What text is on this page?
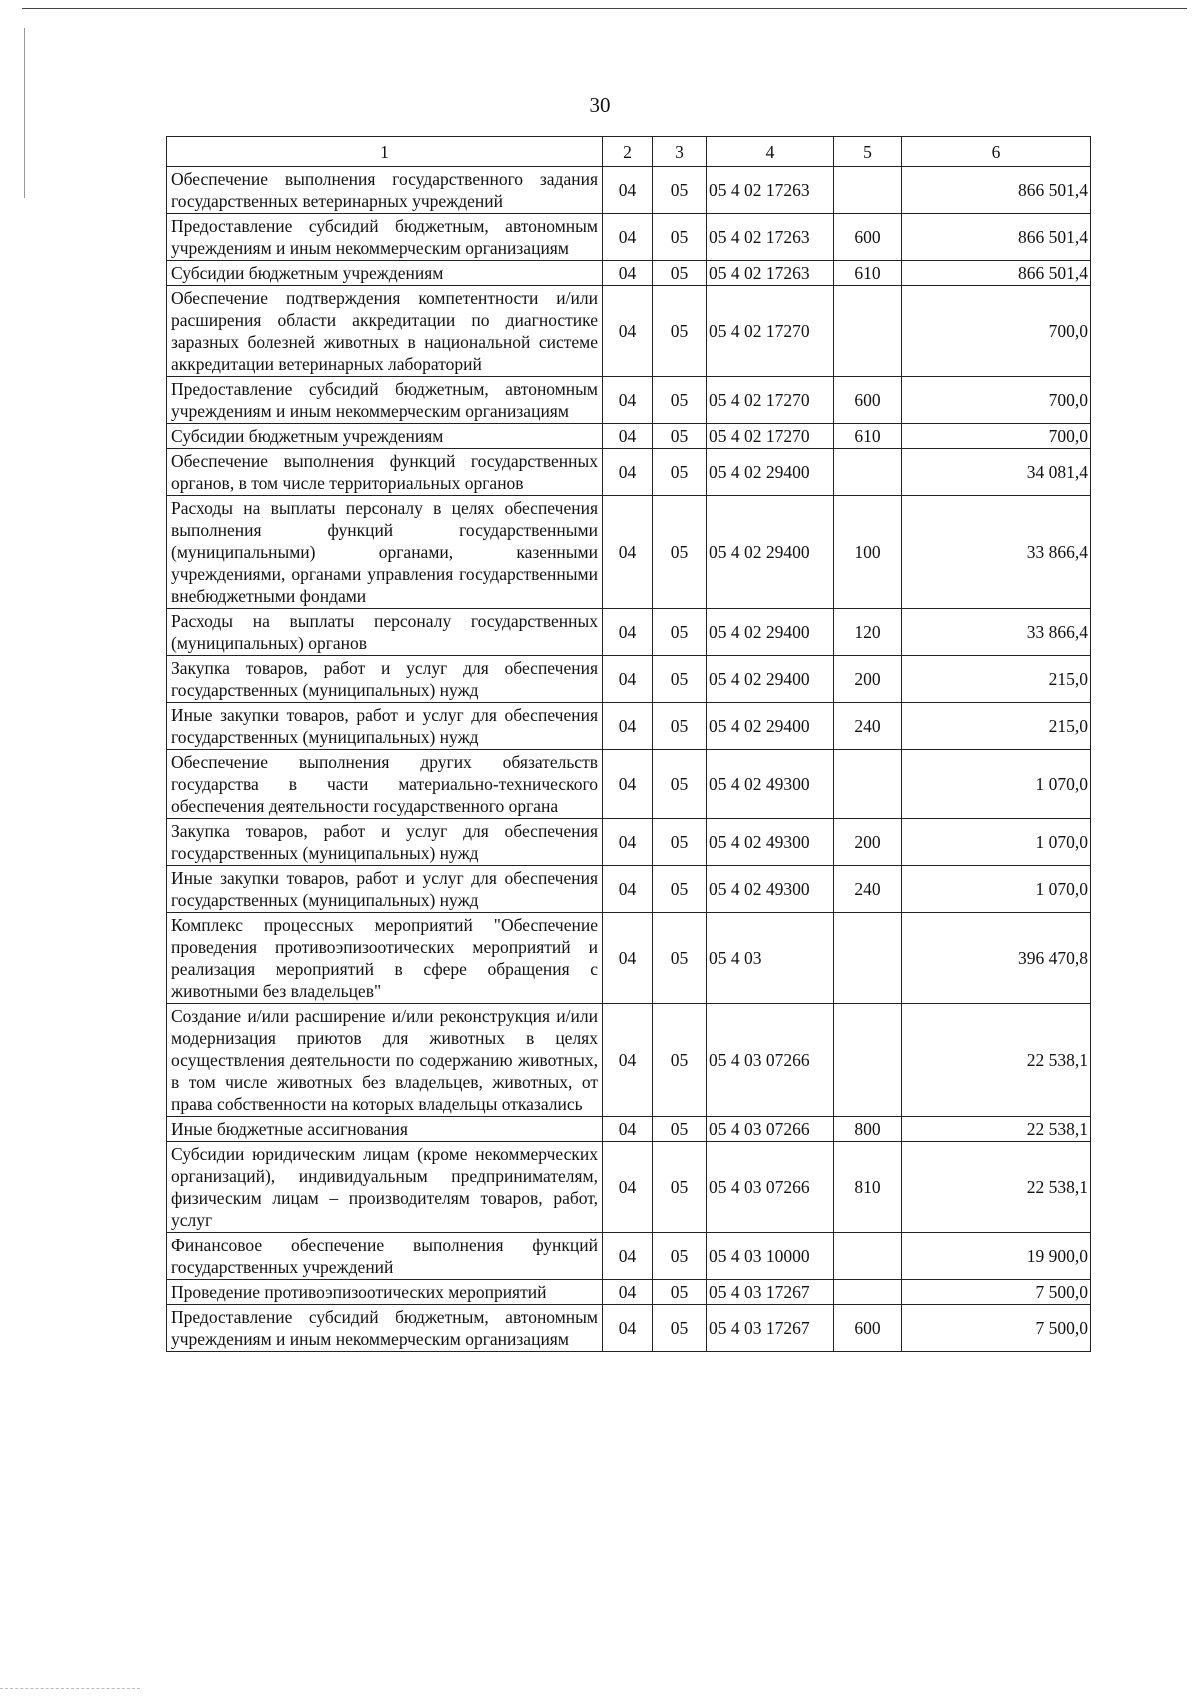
30
1	2	3	4	5	6
Обеспечение выполнения государственного задания государственных ветеринарных учреждений	04	05	05 4 02 17263		866 501,4
Предоставление субсидий бюджетным, автономным учреждениям и иным некоммерческим организациям	04	05	05 4 02 17263	600	866 501,4
Субсидии бюджетным учреждениям	04	05	05 4 02 17263	610	866 501,4
Обеспечение подтверждения компетентности и/или расширения области аккредитации по диагностике заразных болезней животных в национальной системе аккредитации ветеринарных лабораторий	04	05	05 4 02 17270		700,0
Предоставление субсидий бюджетным, автономным учреждениям и иным некоммерческим организациям	04	05	05 4 02 17270	600	700,0
Субсидии бюджетным учреждениям	04	05	05 4 02 17270	610	700,0
Обеспечение выполнения функций государственных органов, в том числе территориальных органов	04	05	05 4 02 29400		34 081,4
Расходы на выплаты персоналу в целях обеспечения выполнения функций государственными (муниципальными) органами, казенными учреждениями, органами управления государственными внебюджетными фондами	04	05	05 4 02 29400	100	33 866,4
Расходы на выплаты персоналу государственных (муниципальных) органов	04	05	05 4 02 29400	120	33 866,4
Закупка товаров, работ и услуг для обеспечения государственных (муниципальных) нужд	04	05	05 4 02 29400	200	215,0
Иные закупки товаров, работ и услуг для обеспечения государственных (муниципальных) нужд	04	05	05 4 02 29400	240	215,0
Обеспечение выполнения других обязательств государства в части материально-технического обеспечения деятельности государственного органа	04	05	05 4 02 49300		1 070,0
Закупка товаров, работ и услуг для обеспечения государственных (муниципальных) нужд	04	05	05 4 02 49300	200	1 070,0
Иные закупки товаров, работ и услуг для обеспечения государственных (муниципальных) нужд	04	05	05 4 02 49300	240	1 070,0
Комплекс процессных мероприятий "Обеспечение проведения противоэпизоотических мероприятий и реализация мероприятий в сфере обращения с животными без владельцев"	04	05	05 4 03		396 470,8
Создание и/или расширение и/или реконструкция и/или модернизация приютов для животных в целях осуществления деятельности по содержанию животных, в том числе животных без владельцев, животных, от права собственности на которых владельцы отказались	04	05	05 4 03 07266		22 538,1
Иные бюджетные ассигнования	04	05	05 4 03 07266	800	22 538,1
Субсидии юридическим лицам (кроме некоммерческих организаций), индивидуальным предпринимателям, физическим лицам – производителям товаров, работ, услуг	04	05	05 4 03 07266	810	22 538,1
Финансовое обеспечение выполнения функций государственных учреждений	04	05	05 4 03 10000		19 900,0
Проведение противоэпизоотических мероприятий	04	05	05 4 03 17267		7 500,0
Предоставление субсидий бюджетным, автономным учреждениям и иным некоммерческим организациям	04	05	05 4 03 17267	600	7 500,0
